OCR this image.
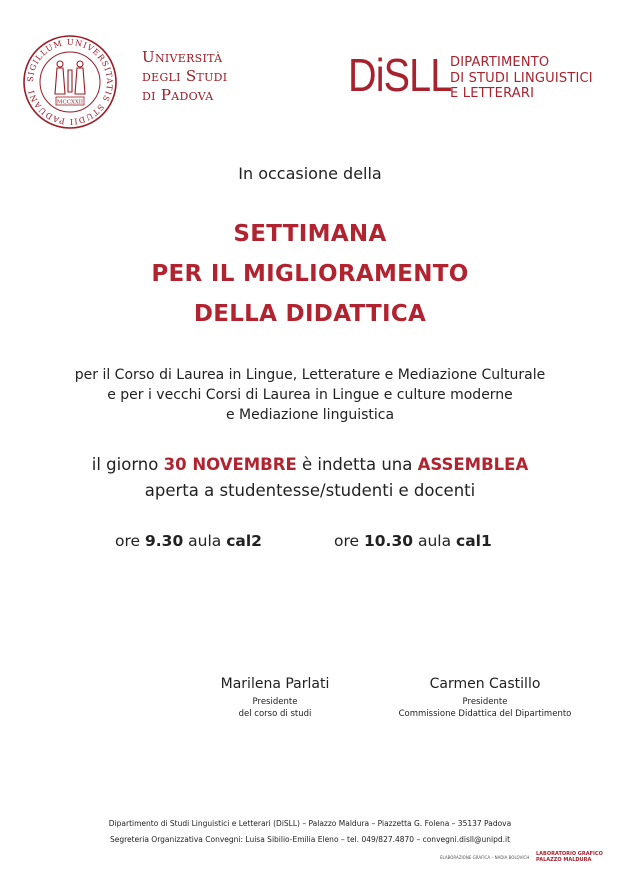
SIGILLUM UNIVERSITATIS STUDII PADUANI
MCCXXII
Università
degli Studi
di Padova	DiSLL
DIPARTIMENTO
DI STUDI LINGUISTICI
E LETTERARI
In occasione della
SETTIMANA
PER IL MIGLIORAMENTO
DELLA DIDATTICA
per il Corso di Laurea in Lingue, Letterature e Mediazione Culturale
e per i vecchi Corsi di Laurea in Lingue e culture moderne
e Mediazione linguistica
il giorno 30 NOVEMBRE è indetta una ASSEMBLEA
aperta a studentesse/studenti e docenti
ore 9.30 aula cal2	ore 10.30 aula cal1
Marilena Parlati
Presidente
del corso di studi
Carmen Castillo
Presidente
Commissione Didattica del Dipartimento
Dipartimento di Studi Linguistici e Letterari (DiSLL) – Palazzo Maldura – Piazzetta G. Folena – 35137 Padova
Segreteria Organizzativa Convegni: Luisa Sibilio-Emilia Eleno – tel. 049/827.4870 – convegni.disll@unipd.it
ELABORAZIONE GRAFICA – NADIA BOLOVICH
LABORATORIO GRAFICO
PALAZZO MALDURA
